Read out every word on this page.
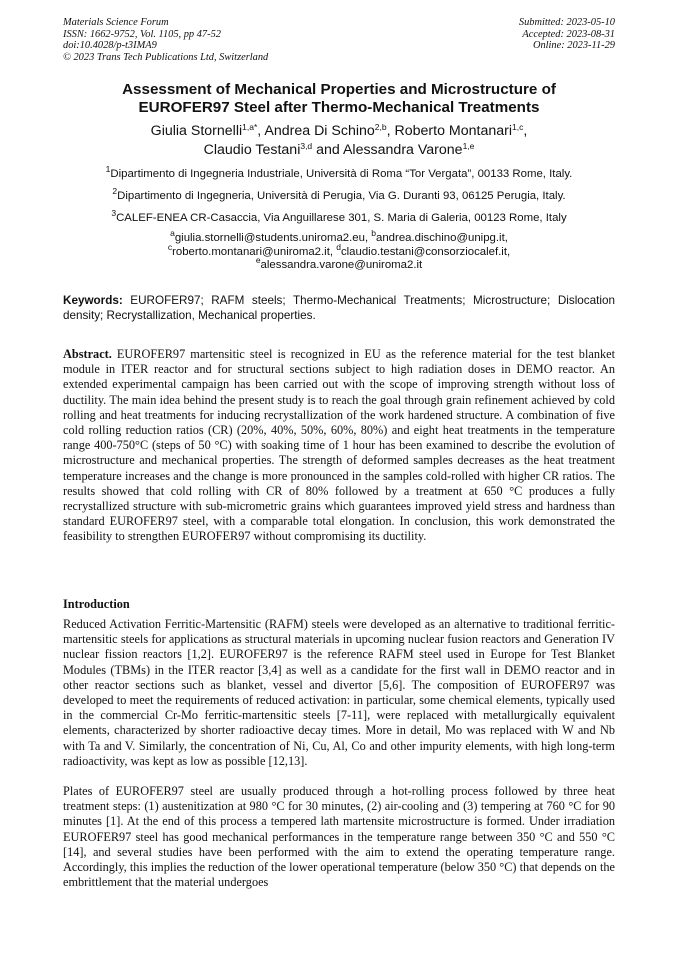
Materials Science Forum
ISSN: 1662-9752, Vol. 1105, pp 47-52
doi:10.4028/p-t3IMA9
© 2023 Trans Tech Publications Ltd, Switzerland
Submitted: 2023-05-10
Accepted: 2023-08-31
Online: 2023-11-29
Assessment of Mechanical Properties and Microstructure of
EUROFER97 Steel after Thermo-Mechanical Treatments
Giulia Stornelli$^{1,a*}$, Andrea Di Schino$^{2,b}$, Roberto Montanari$^{1,c}$,
Claudio Testani$^{3,d}$ and Alessandra Varone$^{1,e}$
$^1$Dipartimento di Ingegneria Industriale, Università di Roma “Tor Vergata”, 00133 Rome, Italy.
$^2$Dipartimento di Ingegneria, Università di Perugia, Via G. Duranti 93, 06125 Perugia, Italy.
$^3$CALEF-ENEA CR-Casaccia, Via Anguillarese 301, S. Maria di Galeria, 00123 Rome, Italy
$^a$giulia.stornelli@students.uniroma2.eu, $^b$andrea.dischino@unipg.it,
$^c$roberto.montanari@uniroma2.it, $^d$claudio.testani@consorziocalef.it,
$^e$alessandra.varone@uniroma2.it
Keywords: EUROFER97; RAFM steels; Thermo-Mechanical Treatments; Microstructure; Dislocation density; Recrystallization, Mechanical properties.
Abstract. EUROFER97 martensitic steel is recognized in EU as the reference material for the test blanket module in ITER reactor and for structural sections subject to high radiation doses in DEMO reactor. An extended experimental campaign has been carried out with the scope of improving strength without loss of ductility. The main idea behind the present study is to reach the goal through grain refinement achieved by cold rolling and heat treatments for inducing recrystallization of the work hardened structure. A combination of five cold rolling reduction ratios (CR) (20%, 40%, 50%, 60%, 80%) and eight heat treatments in the temperature range 400-750°C (steps of 50 °C) with soaking time of 1 hour has been examined to describe the evolution of microstructure and mechanical properties. The strength of deformed samples decreases as the heat treatment temperature increases and the change is more pronounced in the samples cold-rolled with higher CR ratios. The results showed that cold rolling with CR of 80% followed by a treatment at 650 °C produces a fully recrystallized structure with sub-micrometric grains which guarantees improved yield stress and hardness than standard EUROFER97 steel, with a comparable total elongation. In conclusion, this work demonstrated the feasibility to strengthen EUROFER97 without compromising its ductility.
Introduction

Reduced Activation Ferritic-Martensitic (RAFM) steels were developed as an alternative to traditional ferritic-martensitic steels for applications as structural materials in upcoming nuclear fusion reactors and Generation IV nuclear fission reactors [1,2]. EUROFER97 is the reference RAFM steel used in Europe for Test Blanket Modules (TBMs) in the ITER reactor [3,4] as well as a candidate for the first wall in DEMO reactor and in other reactor sections such as blanket, vessel and divertor [5,6]. The composition of EUROFER97 was developed to meet the requirements of reduced activation: in particular, some chemical elements, typically used in the commercial Cr-Mo ferritic-martensitic steels [7-11], were replaced with metallurgically equivalent elements, characterized by shorter radioactive decay times. More in detail, Mo was replaced with W and Nb with Ta and V. Similarly, the concentration of Ni, Cu, Al, Co and other impurity elements, with high long-term radioactivity, was kept as low as possible [12,13].

Plates of EUROFER97 steel are usually produced through a hot-rolling process followed by three heat treatment steps: (1) austenitization at 980 °C for 30 minutes, (2) air-cooling and (3) tempering at 760 °C for 90 minutes [1]. At the end of this process a tempered lath martensite microstructure is formed. Under irradiation EUROFER97 steel has good mechanical performances in the temperature range between 350 °C and 550 °C [14], and several studies have been performed with the aim to extend the operating temperature range. Accordingly, this implies the reduction of the lower operational temperature (below 350 °C) that depends on the embrittlement that the material undergoes
